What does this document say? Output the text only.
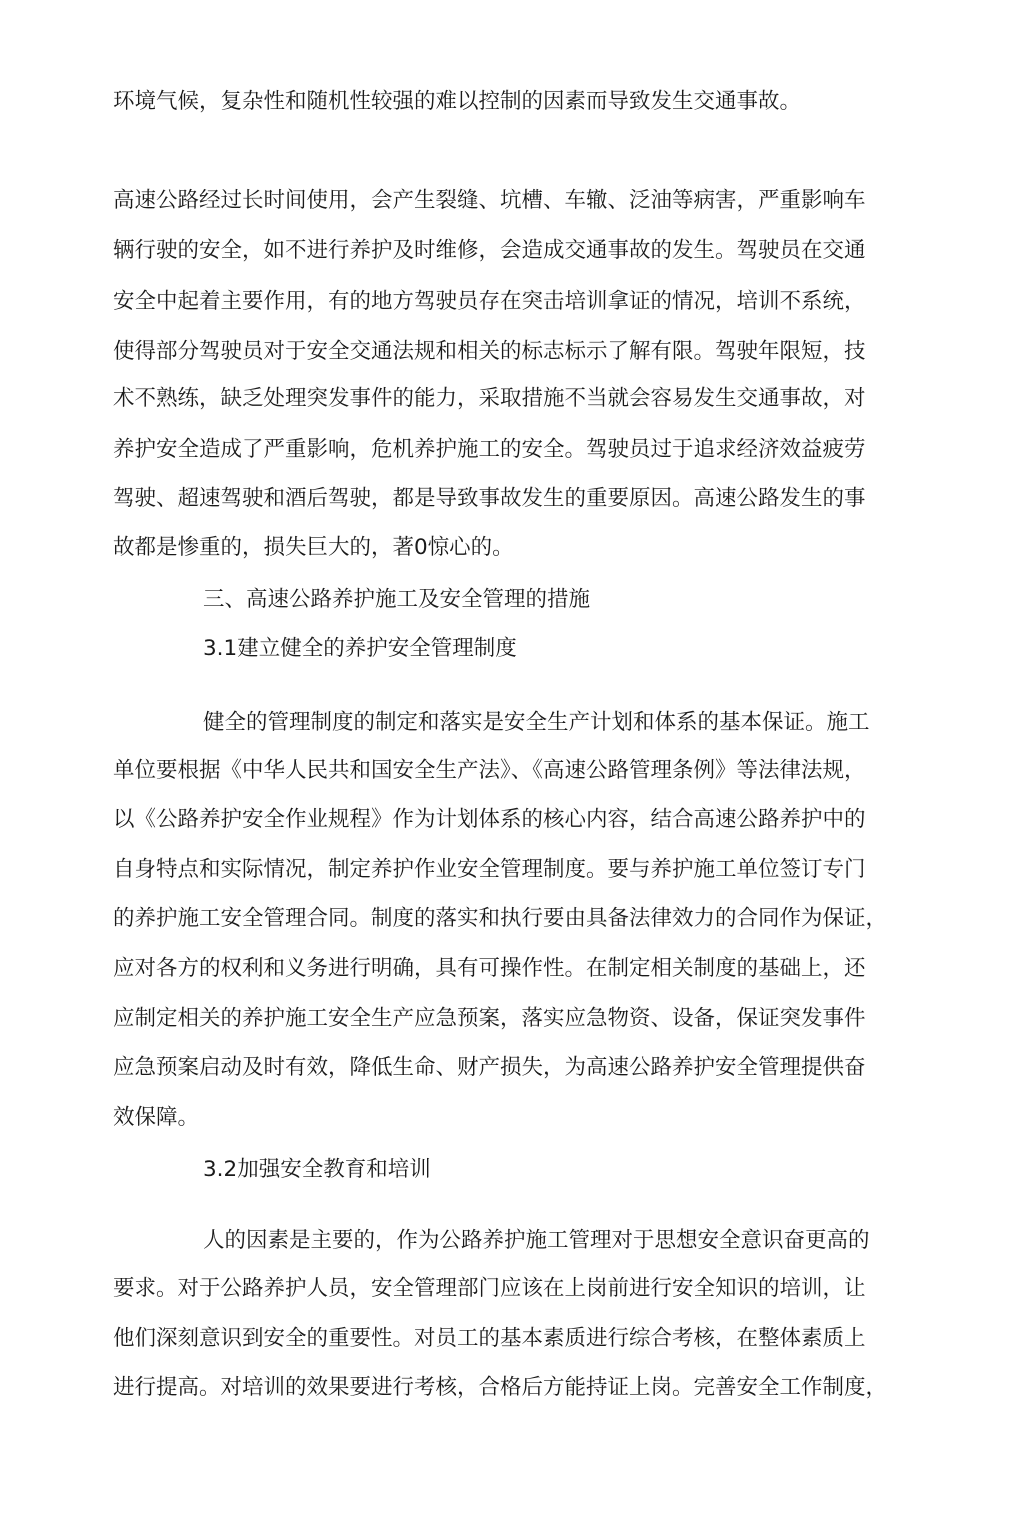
环境气候，复杂性和随机性较强的难以控制的因素而导致发生交通事故。

高速公路经过长时间使用，会产生裂缝、坑槽、车辙、泛油等病害，严重影响车

辆行驶的安全，如不进行养护及时维修，会造成交通事故的发生。驾驶员在交通

安全中起着主要作用，有的地方驾驶员存在突击培训拿证的情况，培训不系统，

使得部分驾驶员对于安全交通法规和相关的标志标示了解有限。驾驶年限短，技

术不熟练，缺乏处理突发事件的能力，采取措施不当就会容易发生交通事故，对

养护安全造成了严重影响，危机养护施工的安全。驾驶员过于追求经济效益疲劳

驾驶、超速驾驶和酒后驾驶，都是导致事故发生的重要原因。高速公路发生的事

故都是惨重的，损失巨大的，著0惊心的。

三、高速公路养护施工及安全管理的措施

3.1建立健全的养护安全管理制度

健全的管理制度的制定和落实是安全生产计划和体系的基本保证。施工

单位要根据《中华人民共和国安全生产法》、《高速公路管理条例》等法律法规，

以《公路养护安全作业规程》作为计划体系的核心内容，结合高速公路养护中的

自身特点和实际情况，制定养护作业安全管理制度。要与养护施工单位签订专门

的养护施工安全管理合同。制度的落实和执行要由具备法律效力的合同作为保证，

应对各方的权利和义务进行明确，具有可操作性。在制定相关制度的基础上，还

应制定相关的养护施工安全生产应急预案，落实应急物资、设备，保证突发事件

应急预案启动及时有效，降低生命、财产损失，为高速公路养护安全管理提供奋

效保障。

3.2加强安全教育和培训

人的因素是主要的，作为公路养护施工管理对于思想安全意识奋更高的

要求。对于公路养护人员，安全管理部门应该在上岗前进行安全知识的培训，让

他们深刻意识到安全的重要性。对员工的基本素质进行综合考核，在整体素质上

进行提高。对培训的效果要进行考核，合格后方能持证上岗。完善安全工作制度，
